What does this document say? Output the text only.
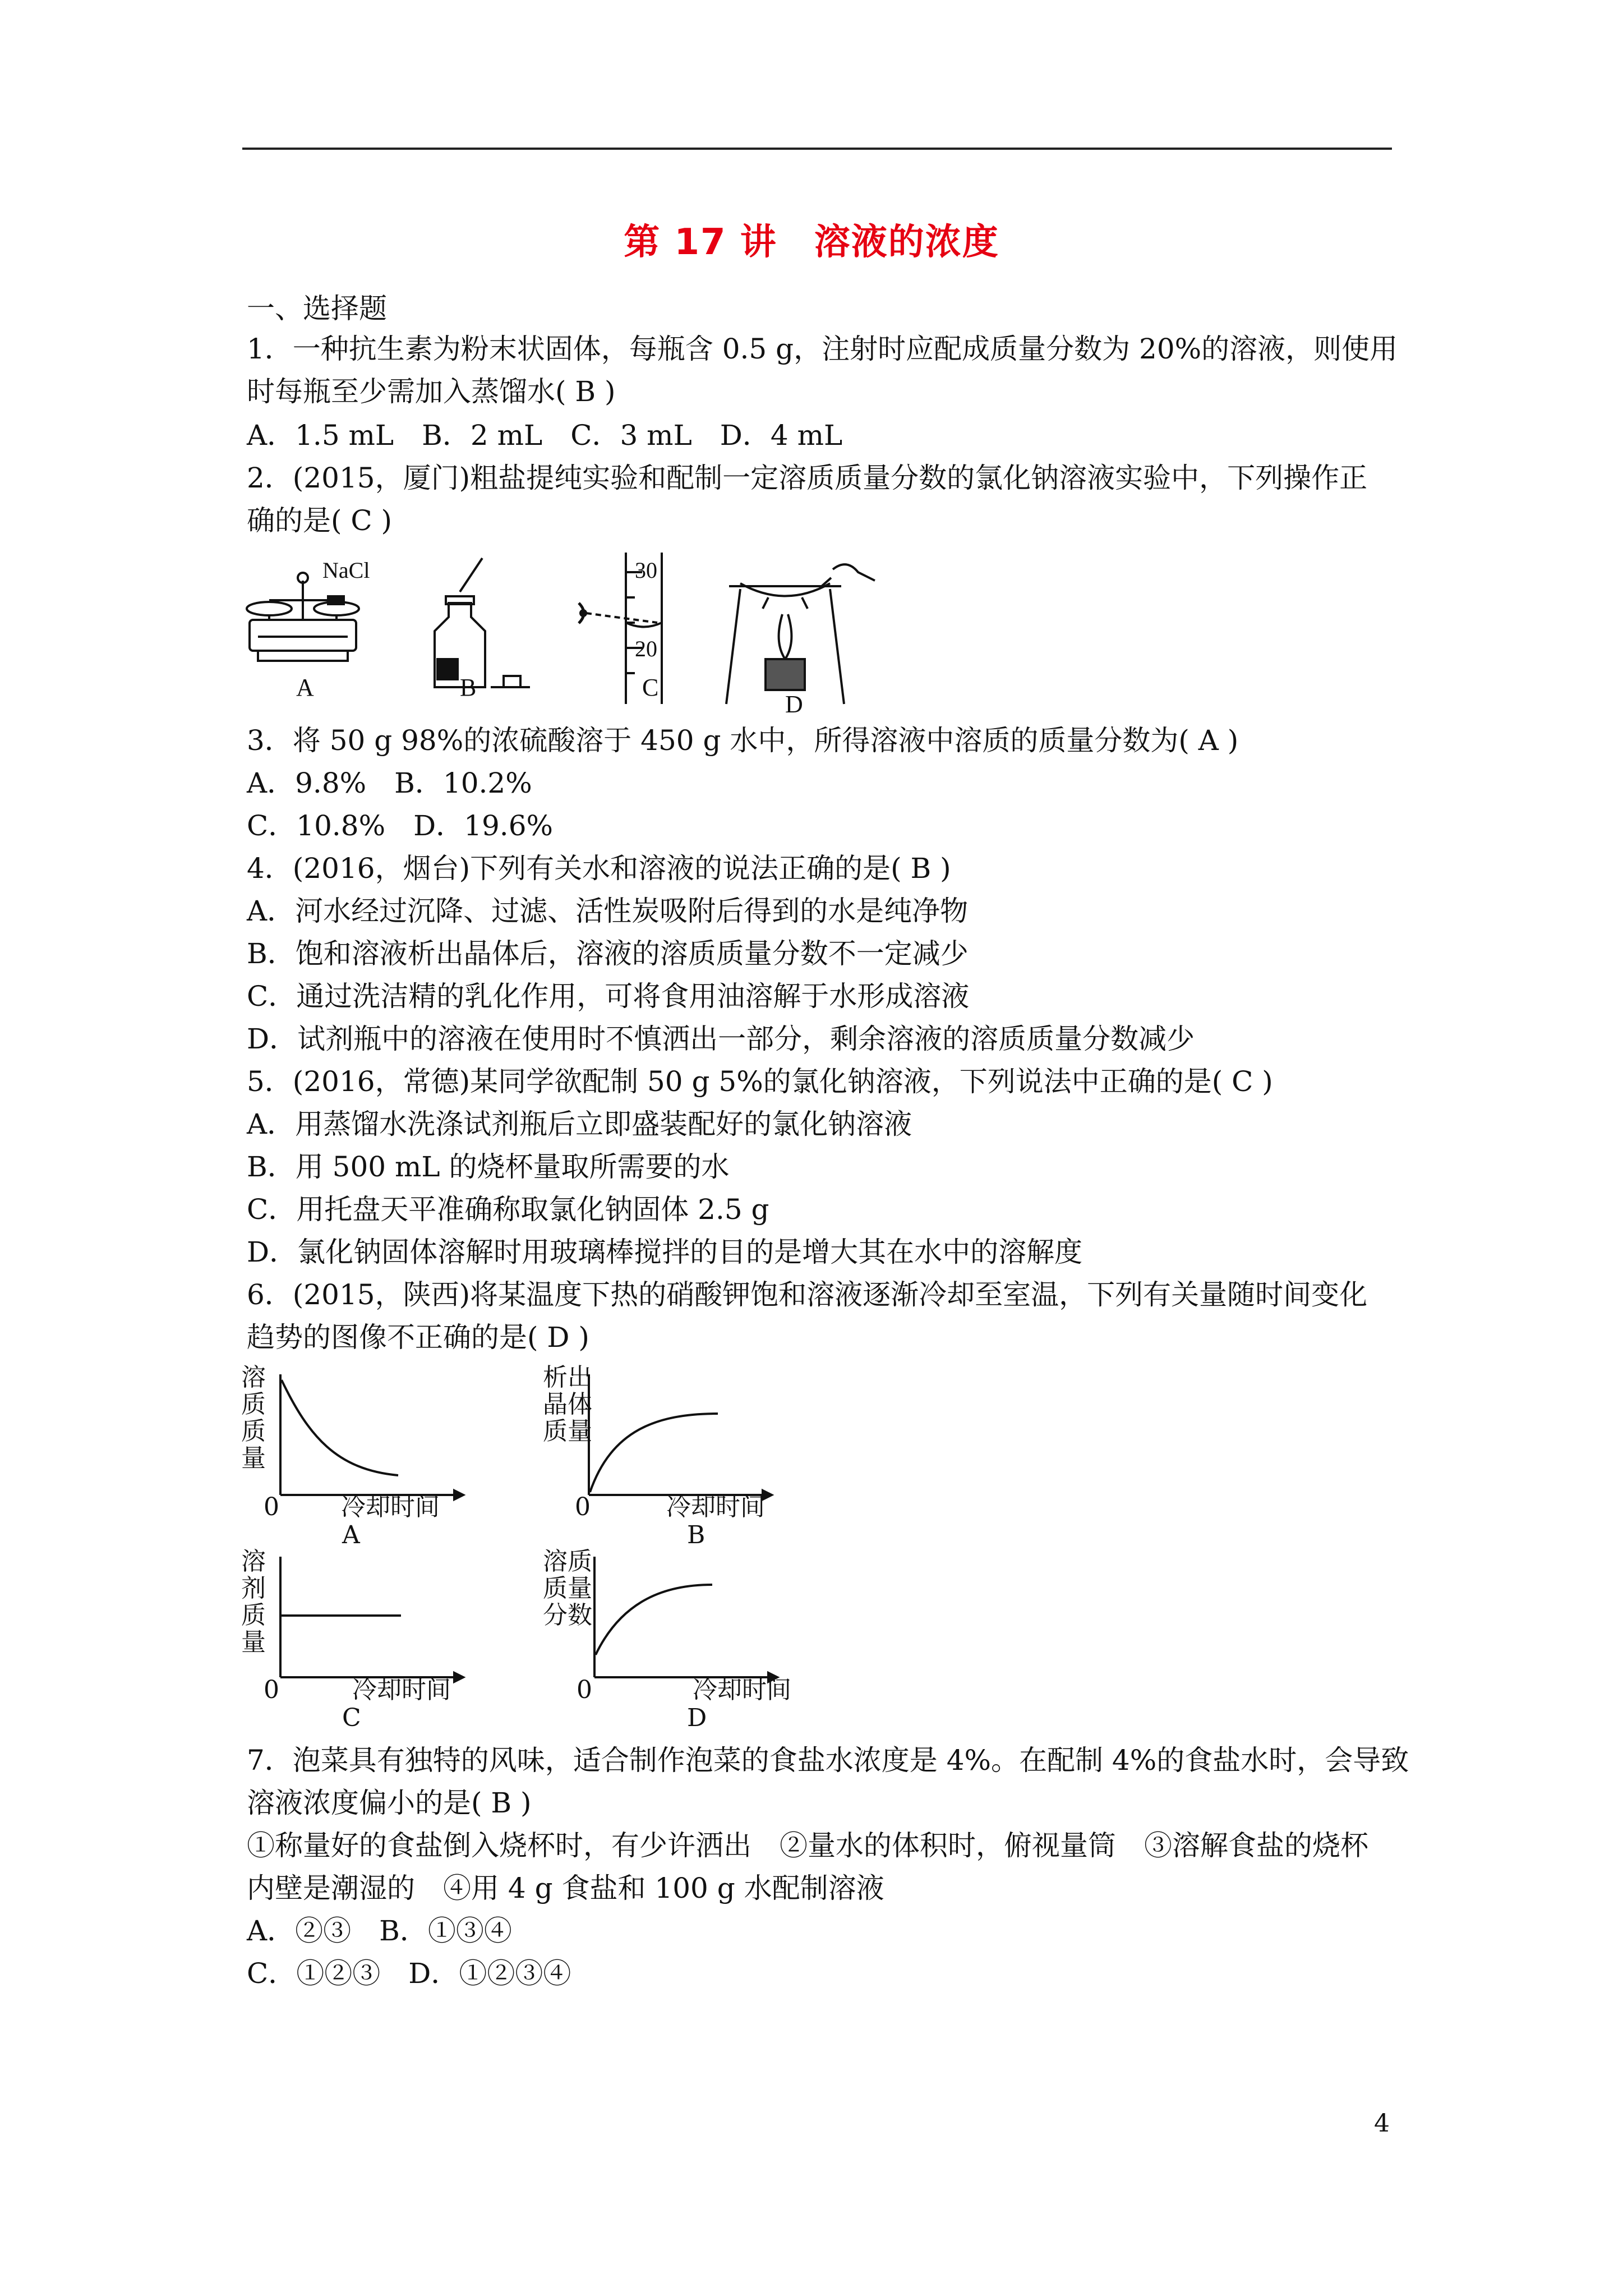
第 17 讲　溶液的浓度
一、选择题
1．一种抗生素为粉末状固体，每瓶含 0.5 g，注射时应配成质量分数为 20%的溶液，则使用
时每瓶至少需加入蒸馏水( B )
A．1.5 mL　B．2 mL　C．3 mL　D．4 mL
2．(2015，厦门)粗盐提纯实验和配制一定溶质质量分数的氯化钠溶液实验中，下列操作正
确的是( C )
NaCl	30
20
A	B	C
D
3．将 50 g 98%的浓硫酸溶于 450 g 水中，所得溶液中溶质的质量分数为( A )
A．9.8%　B．10.2%
C．10.8%　D．19.6%
4．(2016，烟台)下列有关水和溶液的说法正确的是( B )
A．河水经过沉降、过滤、活性炭吸附后得到的水是纯净物
B．饱和溶液析出晶体后，溶液的溶质质量分数不一定减少
C．通过洗洁精的乳化作用，可将食用油溶解于水形成溶液
D．试剂瓶中的溶液在使用时不慎洒出一部分，剩余溶液的溶质质量分数减少
5．(2016，常德)某同学欲配制 50 g 5%的氯化钠溶液，下列说法中正确的是( C )
A．用蒸馏水洗涤试剂瓶后立即盛装配好的氯化钠溶液
B．用 500 mL 的烧杯量取所需要的水
C．用托盘天平准确称取氯化钠固体 2.5 g
D．氯化钠固体溶解时用玻璃棒搅拌的目的是增大其在水中的溶解度
6．(2015，陕西)将某温度下热的硝酸钾饱和溶液逐渐冷却至室温，下列有关量随时间变化
趋势的图像不正确的是( D )
溶质质量
0	冷却时间
A
析出晶体质量
0	冷却时间
B
溶剂质量
0	冷却时间
C
溶质质量分数
0	冷却时间
D
7．泡菜具有独特的风味，适合制作泡菜的食盐水浓度是 4%。在配制 4%的食盐水时，会导致
溶液浓度偏小的是( B )
①称量好的食盐倒入烧杯时，有少许洒出　②量水的体积时，俯视量筒　③溶解食盐的烧杯
内壁是潮湿的　④用 4 g 食盐和 100 g 水配制溶液
A．②③　B．①③④
C．①②③　D．①②③④
4
